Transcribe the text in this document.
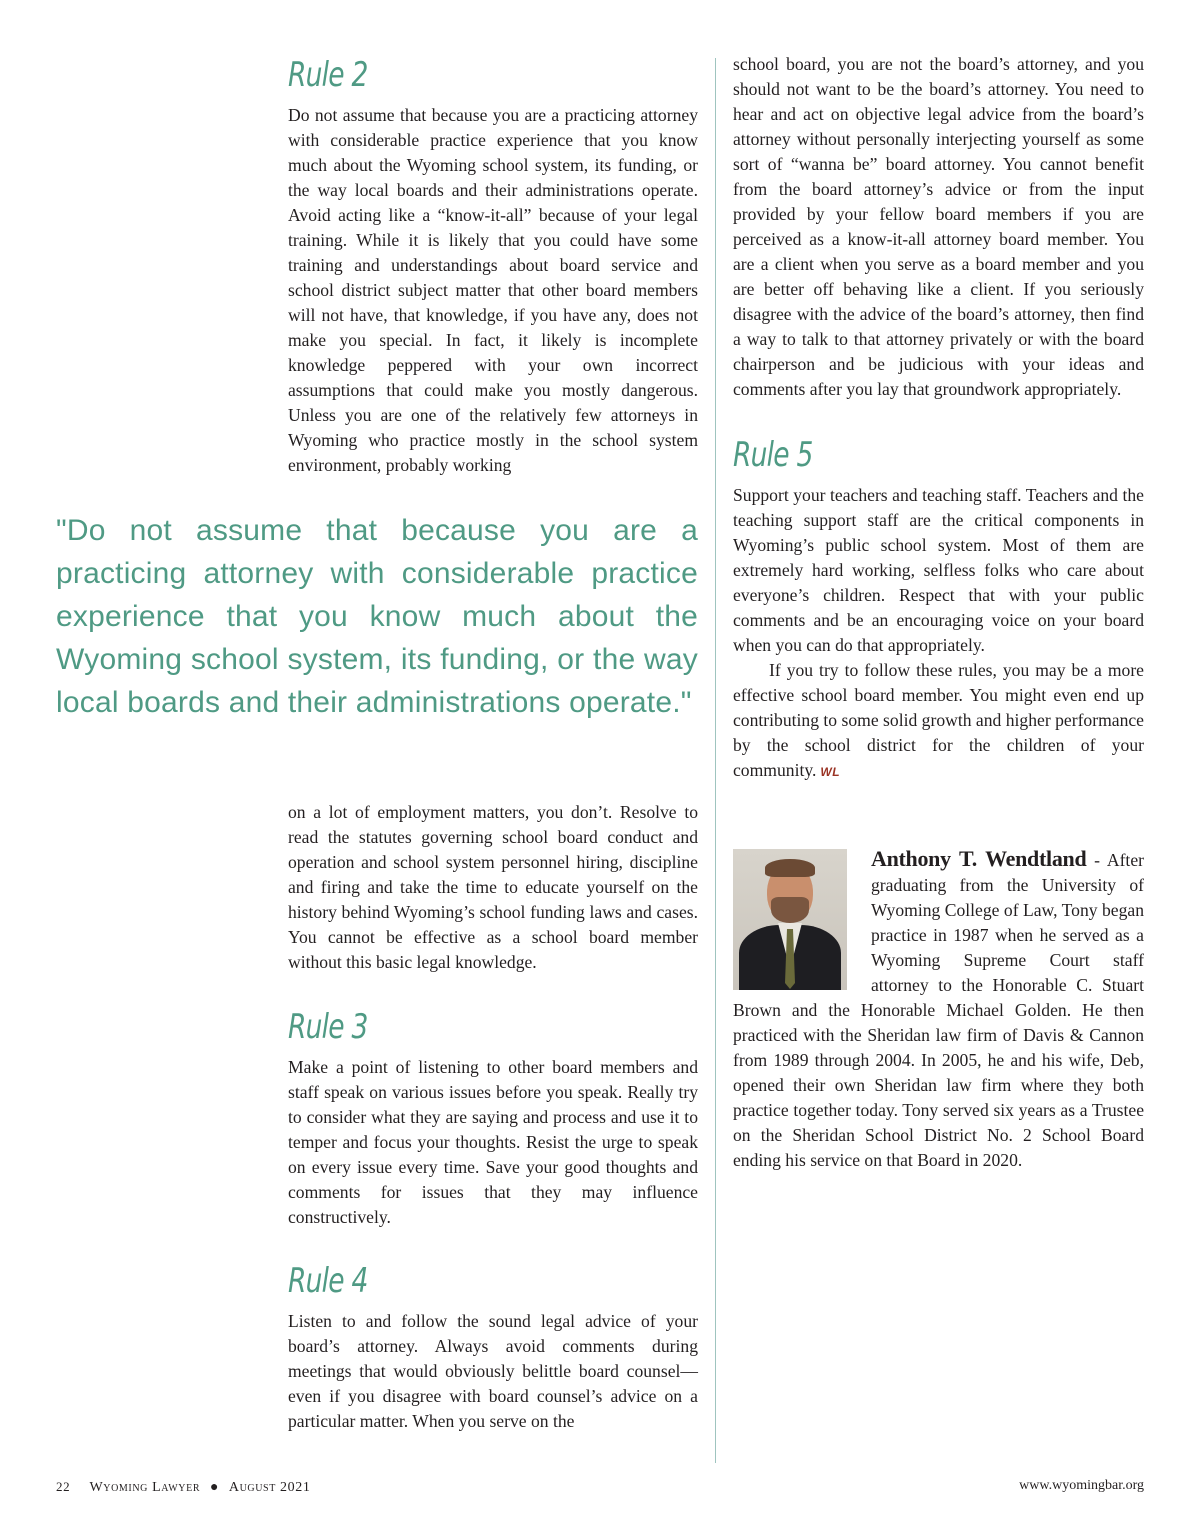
Rule 2

Do not assume that because you are a practicing attorney with considerable practice experience that you know much about the Wyoming school system, its funding, or the way local boards and their administrations operate. Avoid acting like a “know-it-all” because of your legal training. While it is likely that you could have some training and understandings about board service and school district subject matter that other board members will not have, that knowledge, if you have any, does not make you special. In fact, it likely is incomplete knowledge peppered with your own incorrect assumptions that could make you mostly dangerous. Unless you are one of the relatively few attorneys in Wyoming who practice mostly in the school system environment, probably working

"Do not assume that because you are a practicing attorney with considerable practice experience that you know much about the Wyoming school system, its funding, or the way local boards and their administrations operate."

on a lot of employment matters, you don’t. Resolve to read the statutes governing school board conduct and operation and school system personnel hiring, discipline and firing and take the time to educate yourself on the history behind Wyoming’s school funding laws and cases. You cannot be effective as a school board member without this basic legal knowledge.

Rule 3

Make a point of listening to other board members and staff speak on various issues before you speak. Really try to consider what they are saying and process and use it to temper and focus your thoughts. Resist the urge to speak on every issue every time. Save your good thoughts and comments for issues that they may influence constructively.

Rule 4

Listen to and follow the sound legal advice of your board’s attorney. Always avoid comments during meetings that would obviously belittle board counsel—even if you disagree with board counsel’s advice on a particular matter. When you serve on the

school board, you are not the board’s attorney, and you should not want to be the board’s attorney. You need to hear and act on objective legal advice from the board’s attorney without personally interjecting yourself as some sort of “wanna be” board attorney. You cannot benefit from the board attorney’s advice or from the input provided by your fellow board members if you are perceived as a know-it-all attorney board member. You are a client when you serve as a board member and you are better off behaving like a client. If you seriously disagree with the advice of the board’s attorney, then find a way to talk to that attorney privately or with the board chairperson and be judicious with your ideas and comments after you lay that groundwork appropriately.

Rule 5

Support your teachers and teaching staff. Teachers and the teaching support staff are the critical components in Wyoming’s public school system. Most of them are extremely hard working, selfless folks who care about everyone’s children. Respect that with your public comments and be an encouraging voice on your board when you can do that appropriately.

If you try to follow these rules, you may be a more effective school board member. You might even end up contributing to some solid growth and higher performance by the school district for the children of your community. WL

Anthony T. Wendtland - After graduating from the University of Wyoming College of Law, Tony began practice in 1987 when he served as a Wyoming Supreme Court staff attorney to the Honorable C. Stuart Brown and the Honorable Michael Golden. He then practiced with the Sheridan law firm of Davis & Cannon from 1989 through 2004. In 2005, he and his wife, Deb, opened their own Sheridan law firm where they both practice together today. Tony served six years as a Trustee on the Sheridan School District No. 2 School Board ending his service on that Board in 2020.
22 Wyoming Lawyer ● August 2021	www.wyomingbar.org
